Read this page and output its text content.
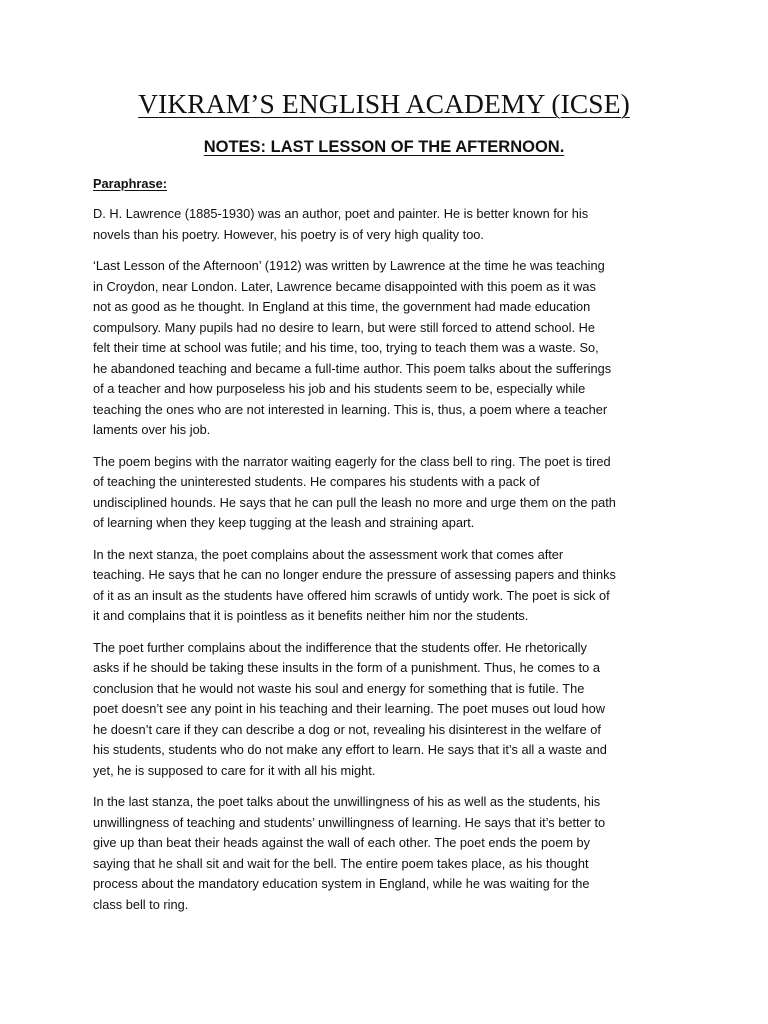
VIKRAM’S ENGLISH ACADEMY (ICSE)
NOTES: LAST LESSON OF THE AFTERNOON.
Paraphrase:

D. H. Lawrence (1885-1930) was an author, poet and painter. He is better known for his
novels than his poetry. However, his poetry is of very high quality too.

‘Last Lesson of the Afternoon’ (1912) was written by Lawrence at the time he was teaching
in Croydon, near London. Later, Lawrence became disappointed with this poem as it was
not as good as he thought. In England at this time, the government had made education
compulsory. Many pupils had no desire to learn, but were still forced to attend school. He
felt their time at school was futile; and his time, too, trying to teach them was a waste. So,
he abandoned teaching and became a full-time author. This poem talks about the sufferings
of a teacher and how purposeless his job and his students seem to be, especially while
teaching the ones who are not interested in learning. This is, thus, a poem where a teacher
laments over his job.

The poem begins with the narrator waiting eagerly for the class bell to ring. The poet is tired
of teaching the uninterested students. He compares his students with a pack of
undisciplined hounds. He says that he can pull the leash no more and urge them on the path
of learning when they keep tugging at the leash and straining apart.

In the next stanza, the poet complains about the assessment work that comes after
teaching. He says that he can no longer endure the pressure of assessing papers and thinks
of it as an insult as the students have offered him scrawls of untidy work. The poet is sick of
it and complains that it is pointless as it benefits neither him nor the students.

The poet further complains about the indifference that the students offer. He rhetorically
asks if he should be taking these insults in the form of a punishment. Thus, he comes to a
conclusion that he would not waste his soul and energy for something that is futile. The
poet doesn’t see any point in his teaching and their learning. The poet muses out loud how
he doesn’t care if they can describe a dog or not, revealing his disinterest in the welfare of
his students, students who do not make any effort to learn. He says that it’s all a waste and
yet, he is supposed to care for it with all his might.

In the last stanza, the poet talks about the unwillingness of his as well as the students, his
unwillingness of teaching and students’ unwillingness of learning. He says that it’s better to
give up than beat their heads against the wall of each other. The poet ends the poem by
saying that he shall sit and wait for the bell. The entire poem takes place, as his thought
process about the mandatory education system in England, while he was waiting for the
class bell to ring.
